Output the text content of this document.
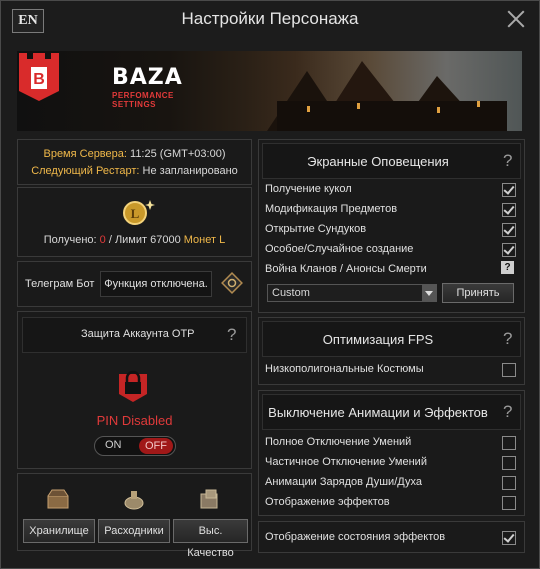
EN	Настройки Персонажа
B	BAZA
PERFOMANCE SETTINGS
Время Сервера: 11:25 (GMT+03:00)
Следующий Рестарт: Не запланировано
L
Получено: 0 / Лимит 67000 Монет L
Телеграм Бот Функция отключена.
Защита Аккаунта OTP ?
PIN Disabled
ON	OFF
Хранилище	Расходники	Выс. Качество
Экранные Оповещения	?
Получение кукол
Модификация Предметов
Открытие Сундуков
Особое/Случайное создание
Война Кланов / Анонсы Смерти	?
Custom	Принять
Оптимизация FPS	?
Низкополигональные Костюмы
Выключение Анимации и Эффектов ?
Полное Отключение Умений
Частичное Отключение Умений
Анимации Зарядов Души/Духа
Отображение эффектов
Отображение состояния эффектов
